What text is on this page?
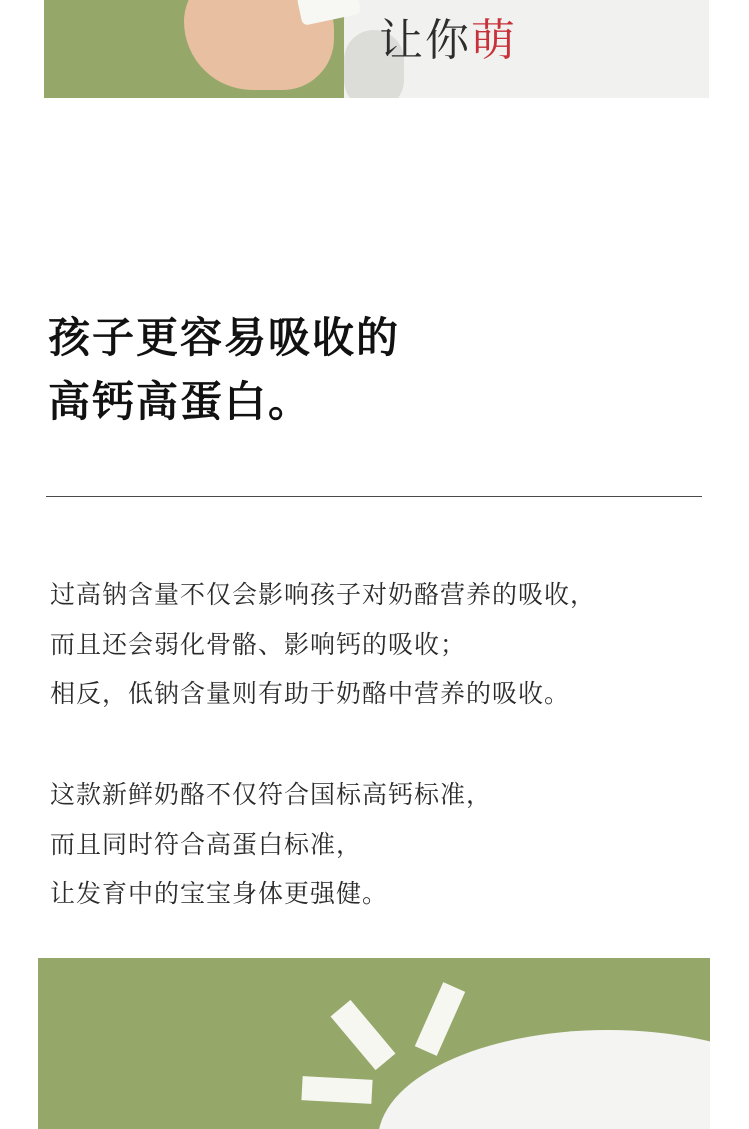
让你萌
孩子更容易吸收的
高钙高蛋白。
过高钠含量不仅会影响孩子对奶酪营养的吸收，
而且还会弱化骨骼、影响钙的吸收；
相反，低钠含量则有助于奶酪中营养的吸收。
这款新鲜奶酪不仅符合国标高钙标准，
而且同时符合高蛋白标准，
让发育中的宝宝身体更强健。
